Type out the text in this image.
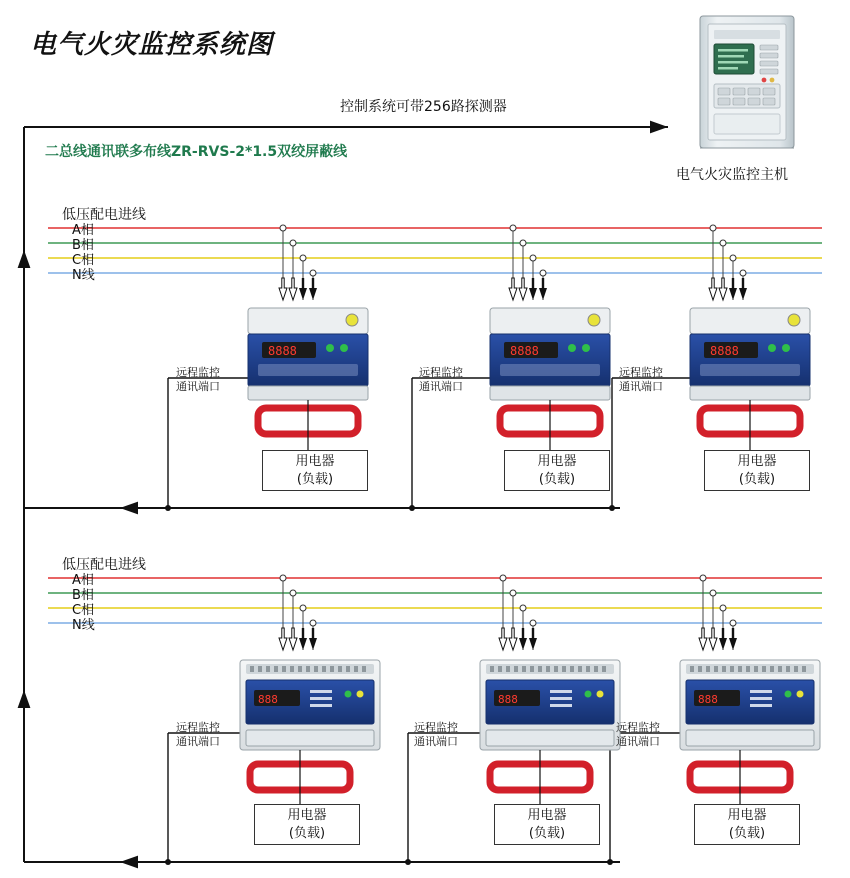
8888	8888	8888
888	888	888
电气火灾监控系统图
控制系统可带256路探测器
二总线通讯联多布线ZR-RVS-2*1.5双绞屏蔽线
电气火灾监控主机
低压配电进线
A相
B相
C相
N线
远程监控
通讯端口
远程监控
通讯端口
远程监控
通讯端口
用电器
(负载)
用电器
(负载)
用电器
(负载)
低压配电进线
A相
B相
C相
N线
远程监控
通讯端口
远程监控
通讯端口
远程监控
通讯端口
用电器
(负载)
用电器
(负载)
用电器
(负载)
